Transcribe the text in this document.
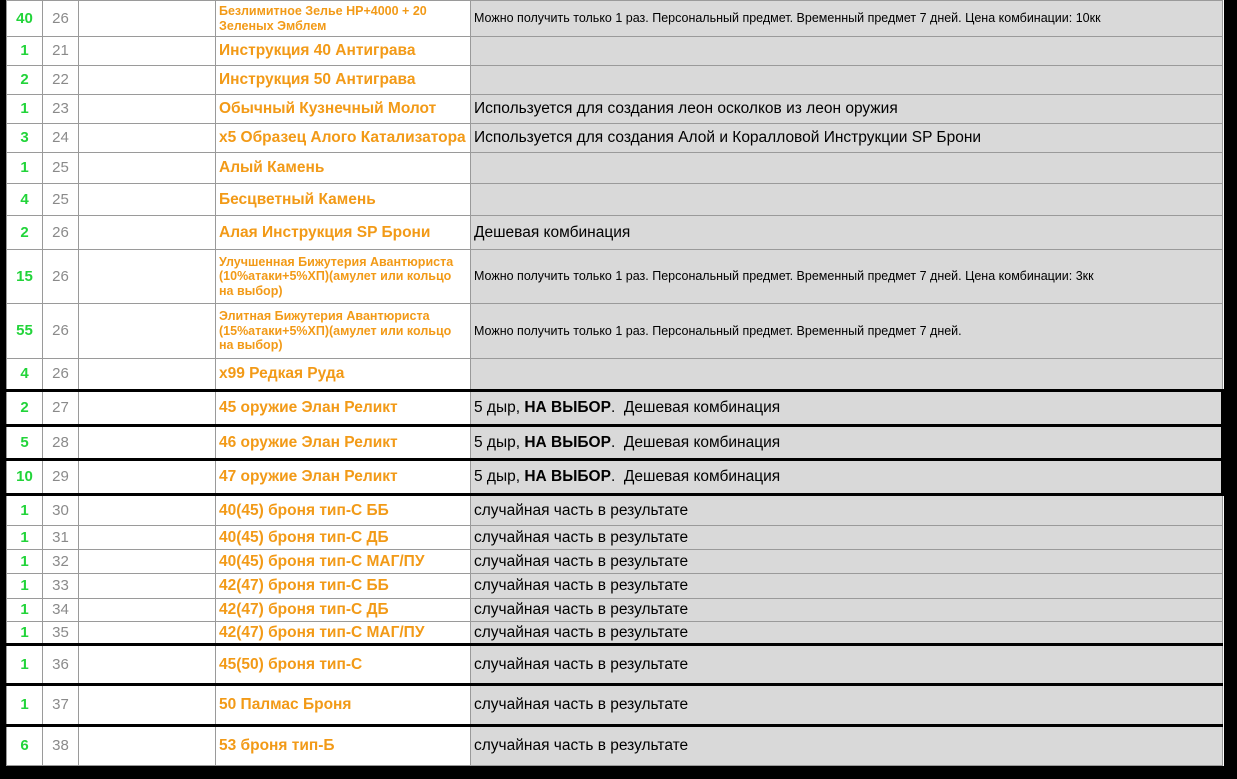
40	26		Безлимитное Зелье HP+4000 + 20 Зеленых Эмблем	Можно получить только 1 раз. Персональный предмет. Временный предмет 7 дней. Цена комбинации: 10кк
1	21		Инструкция 40 Антиграва	
2	22		Инструкция 50 Антиграва	
1	23		Обычный Кузнечный Молот	Используется для создания леон осколков из леон оружия
3	24		x5 Образец Алого Катализатора	Используется для создания Алой и Коралловой Инструкции SP Брони
1	25		Алый Камень	
4	25		Бесцветный Камень	
2	26		Алая Инструкция SP Брони	Дешевая комбинация
15	26		Улучшенная Бижутерия Авантюриста (10%атаки+5%ХП)(амулет или кольцо на выбор)	Можно получить только 1 раз. Персональный предмет. Временный предмет 7 дней. Цена комбинации: 3кк
55	26		Элитная Бижутерия Авантюриста (15%атаки+5%ХП)(амулет или кольцо на выбор)	Можно получить только 1 раз. Персональный предмет. Временный предмет 7 дней.
4	26		x99 Редкая Руда	
2	27		45 оружие Элан Реликт	5 дыр, НА ВЫБОР.  Дешевая комбинация
5	28		46 оружие Элан Реликт	5 дыр, НА ВЫБОР.  Дешевая комбинация
10	29		47 оружие Элан Реликт	5 дыр, НА ВЫБОР.  Дешевая комбинация
1	30		40(45) броня тип-С ББ	случайная часть в результате
1	31		40(45) броня тип-С ДБ	случайная часть в результате
1	32		40(45) броня тип-С МАГ/ПУ	случайная часть в результате
1	33		42(47) броня тип-С ББ	случайная часть в результате
1	34		42(47) броня тип-С ДБ	случайная часть в результате
1	35		42(47) броня тип-С МАГ/ПУ	случайная часть в результате
1	36		45(50) броня тип-С	случайная часть в результате
1	37		50 Палмас Броня	случайная часть в результате
6	38		53 броня тип-Б	случайная часть в результате
